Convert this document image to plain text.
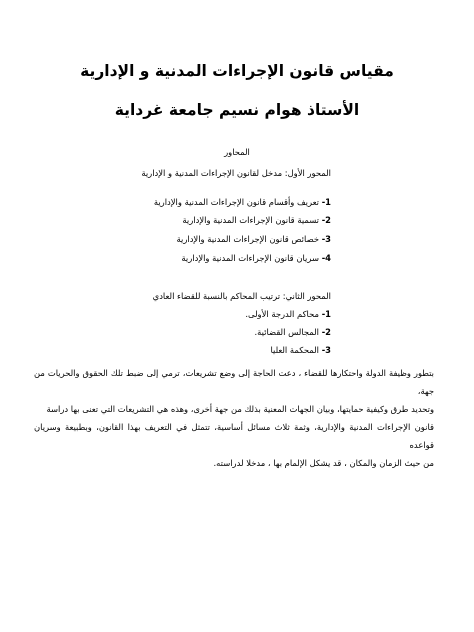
مقياس قانون الإجراءات المدنية و الإدارية
الأستاذ هوام نسيم جامعة غرداية
المحاور
المحور الأول: مدخل لقانون الإجراءات المدنية و الإدارية
1- تعريف وأقسام قانون الإجراءات المدنية والإدارية
2- تسمية قانون الإجراءات المدنية والإدارية
3- خصائص قانون الإجراءات المدنية والإدارية
4- سريان قانون الإجراءات المدنية والإدارية
المحور الثاني: ترتيب المحاكم بالنسبة للقضاء العادي
1- محاكم الدرجة الأولى.
2- المجالس القضائية.
3- المحكمة العليا
بتطور وظيفة الدولة واحتكارها للقضاء ، دعت الحاجة إلى وضع تشريعات، ترمي إلى ضبط تلك الحقوق والحريات من جهة،
وتحديد طرق وكيفية حمايتها، وبيان الجهات المعنية بذلك من جهة أخرى، وهذه هي التشريعات التي تعنى بها دراسة
قانون الإجراءات المدنية والإدارية، وثمة ثلاث مسائل أساسية، تتمثل في التعريف بهذا القانون، وبطبيعة وسريان قواعده
من حيث الزمان والمكان ، قد يشكل الإلمام بها ، مدخلا لدراسته.
